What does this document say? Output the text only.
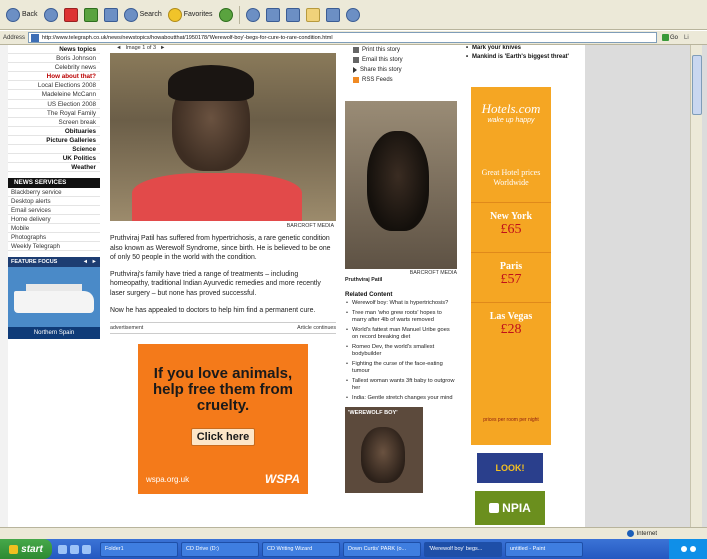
Back	Search	Favorites
Address	http://www.telegraph.co.uk/news/newstopics/howaboutthat/1950178/'Werewolf-boy'-begs-for-cure-to-rare-condition.html	Go	Li
News topics
Boris Johnson
Celebrity news
How about that?
Local Elections 2008
Madeleine McCann
US Election 2008
The Royal Family
Screen break
Obituaries
Picture Galleries
Science
UK Politics
Weather
NEWS SERVICES
Blackberry service
Desktop alerts
Email services
Home delivery
Mobile
Photographs
Weekly Telegraph
FEATURE FOCUS	◄ ►
Northern Spain
◄ Image 1 of 3 ►
BARCROFT MEDIA

Pruthviraj Patil has suffered from hypertrichosis, a rare genetic condition also known as Werewolf Syndrome, since birth. He is believed to be one of only 50 people in the world with the condition.

Pruthviraj's family have tried a range of treatments – including homeopathy, traditional Indian Ayurvedic remedies and more recently laser surgery – but none has proved successful.

Now he has appealed to doctors to help him find a permanent cure.

advertisement	Article continues
If you love animals, help free them from cruelty.
Click here
wspa.org.uk	WSPA
Print this story
Email this story
Share this story
RSS Feeds
BARCROFT MEDIA
Pruthviraj Patil
Related Content
• Werewolf boy: What is hypertrichosis?
• Tree man 'who grew roots' hopes to marry after 4lb of warts removed
• World's fattest man Manuel Uribe goes on record breaking diet
• Romeo Dev, the world's smallest bodybuilder
• Fighting the curse of the face-eating tumour
• Tallest woman wants 3ft baby to outgrow her
• India: Gentle stretch changes your mind
'WEREWOLF BOY'
• Mark your knives
• Mankind is 'Earth's biggest threat'
Hotels.com
wake up happy
Great Hotel prices Worldwide
New York
£65
Paris
£57
Las Vegas
£28
prices per room per night
LOOK!
NPIA
Internet
start	Folder1	CD Drive (D:)	CD Writing Wizard	Down Curtis' PARK (o...	'Werewolf boy' begs...	untitled - Paint
